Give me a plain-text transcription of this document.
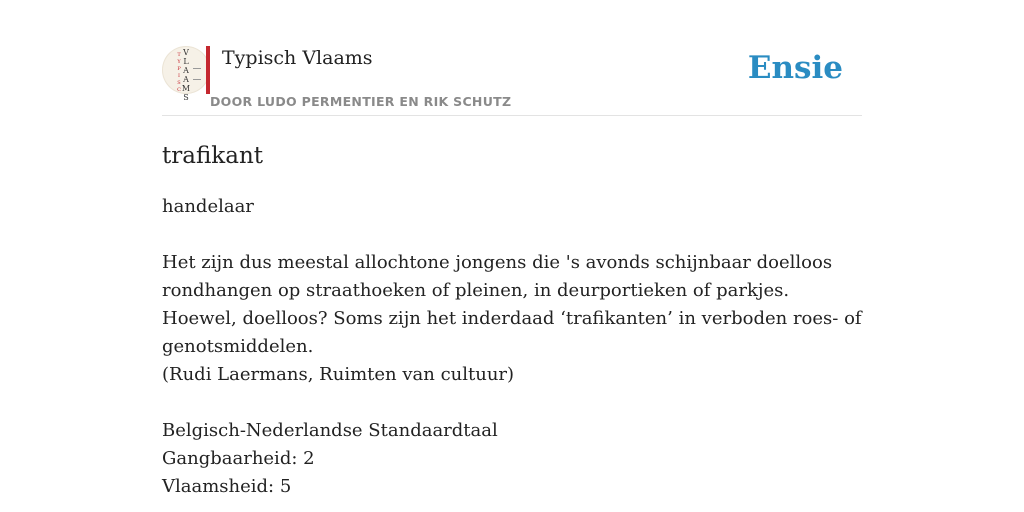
T
Y
P
I
S
C
V
L
A
A
M
S
Typisch Vlaams
DOOR LUDO PERMENTIER EN RIK SCHUTZ
Ensie
trafikant
handelaar
Het zijn dus meestal allochtone jongens die 's avonds schijnbaar doelloos rondhangen op straathoeken of pleinen, in deurportieken of parkjes. Hoewel, doelloos? Soms zijn het inderdaad ‘trafikanten’ in verboden roes- of genotsmiddelen.
(Rudi Laermans, Ruimten van cultuur)
Belgisch-Nederlandse Standaardtaal
Gangbaarheid: 2
Vlaamsheid: 5
